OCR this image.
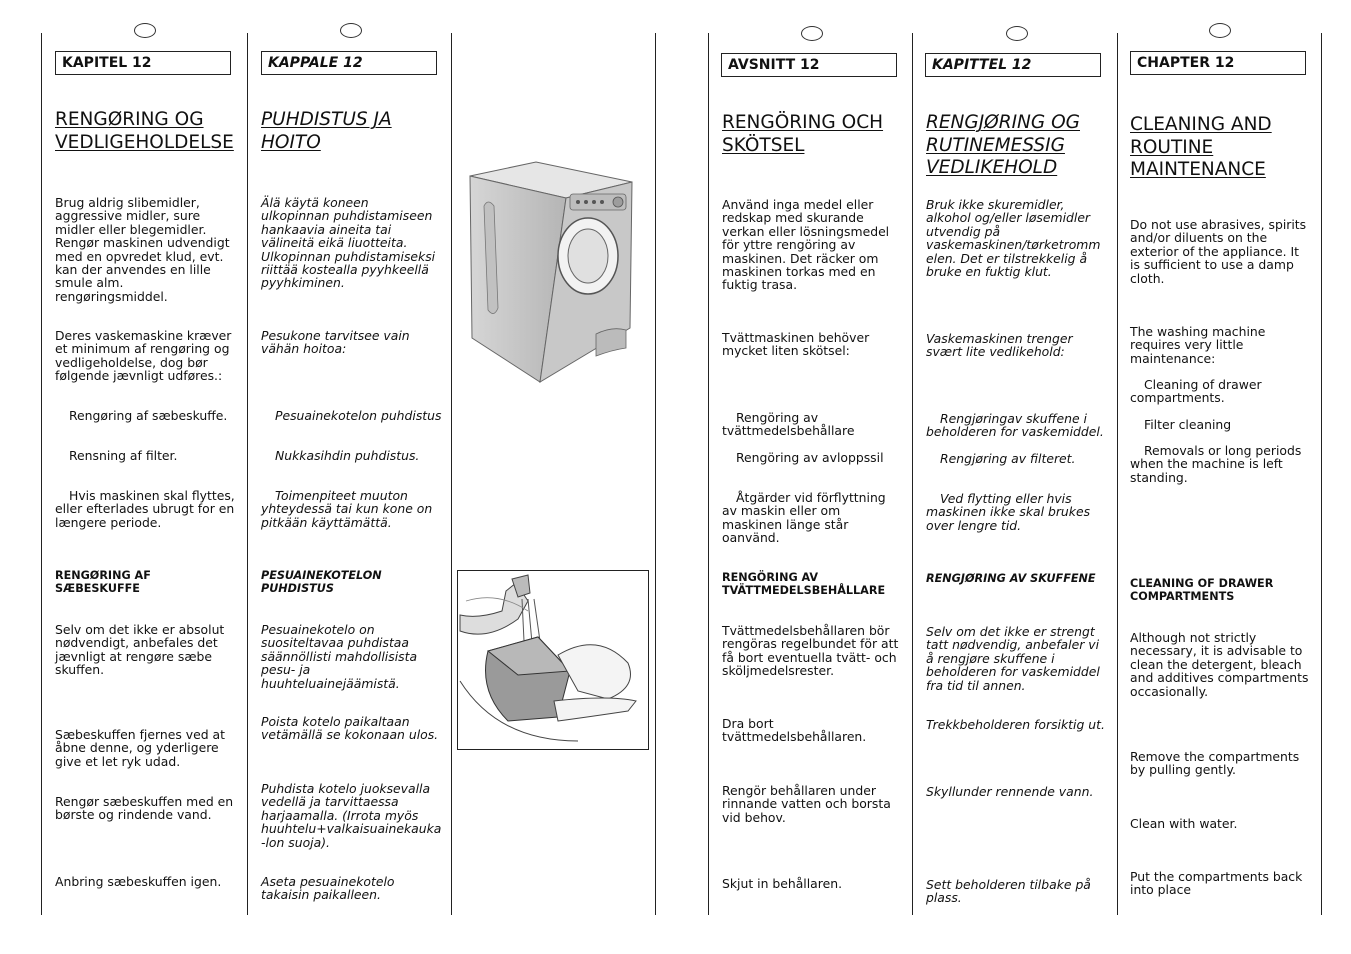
KAPITEL 12
RENGØRING OG VEDLIGEHOLDELSE
Brug aldrig slibemidler, aggressive midler, sure midler eller blegemidler. Rengør maskinen udvendigt med en opvredet klud, evt. kan der anvendes en lille smule alm. rengøringsmiddel.
Deres vaskemaskine kræver et minimum af rengøring og vedligeholdelse, dog bør følgende jævnligt udføres.:
Rengøring af sæbeskuffe.
Rensning af filter.
Hvis maskinen skal flyttes, eller efterlades ubrugt for en længere periode.
RENGØRING AF SÆBESKUFFE
Selv om det ikke er absolut nødvendigt, anbefales det jævnligt at rengøre sæbe skuffen.
Sæbeskuffen fjernes ved at åbne denne, og yderligere give et let ryk udad.
Rengør sæbeskuffen med en børste og rindende vand.
Anbring sæbeskuffen igen.
KAPPALE 12
PUHDISTUS JA HOITO
Älä käytä koneen ulkopinnan puhdistamiseen hankaavia aineita tai välineitä eikä liuotteita. Ulkopinnan puhdistamiseksi riittää kostealla pyyhkeellä pyyhkiminen.
Pesukone tarvitsee vain vähän hoitoa:
Pesuainekotelon puhdistus
Nukkasihdin puhdistus.
Toimenpiteet muuton yhteydessä tai kun kone on pitkään käyttämättä.
PESUAINEKOTELON PUHDISTUS
Pesuainekotelo on suositeltavaa puhdistaa säännöllisti mahdollisista pesu- ja huuhteluainejäämistä.
Poista kotelo paikaltaan vetämällä se kokonaan ulos.
Puhdista kotelo juoksevalla vedellä ja tarvittaessa harjaamalla. (Irrota myös huuhtelu+valkaisuainekauka -lon suoja).
Aseta pesuainekotelo takaisin paikalleen.
AVSNITT 12
RENGÖRING OCH SKÖTSEL
Använd inga medel eller redskap med skurande verkan eller lösningsmedel för yttre rengöring av maskinen. Det räcker om maskinen torkas med en fuktig trasa.
Tvättmaskinen behöver mycket liten skötsel:
Rengöring av tvättmedelsbehållare
Rengöring av avloppssil
Åtgärder vid förflyttning av maskin eller om maskinen länge står oanvänd.
RENGÖRING AV TVÄTTMEDELSBEHÅLLARE
Tvättmedelsbehållaren bör rengöras regelbundet för att få bort eventuella tvätt- och sköljmedelsrester.
Dra bort tvättmedelsbehållaren.
Rengör behållaren under rinnande vatten och borsta vid behov.
Skjut in behållaren.
KAPITTEL 12
RENGJØRING OG RUTINEMESSIG VEDLIKEHOLD
Bruk ikke skuremidler, alkohol og/eller løsemidler utvendig på vaskemaskinen/tørketromm elen. Det er tilstrekkelig å bruke en fuktig klut.
Vaskemaskinen trenger svært lite vedlikehold:
Rengjøringav skuffene i beholderen for vaskemiddel.
Rengjøring av filteret.
Ved flytting eller hvis maskinen ikke skal brukes over lengre tid.
RENGJØRING AV SKUFFENE
Selv om det ikke er strengt tatt nødvendig, anbefaler vi å rengjøre skuffene i beholderen for vaskemiddel fra tid til annen.
Trekkbeholderen forsiktig ut.
Skyllunder rennende vann.
Sett beholderen tilbake på plass.
CHAPTER 12
CLEANING AND ROUTINE MAINTENANCE
Do not use abrasives, spirits and/or diluents on the exterior of the appliance. It is sufficient to use a damp cloth.
The washing machine requires very little maintenance:
Cleaning of drawer compartments.
Filter cleaning
Removals or long periods when the machine is left standing.
CLEANING OF DRAWER COMPARTMENTS
Although not strictly necessary, it is advisable to clean the detergent, bleach and additives compartments occasionally.
Remove the compartments by pulling gently.
Clean with water.
Put the compartments back into place
